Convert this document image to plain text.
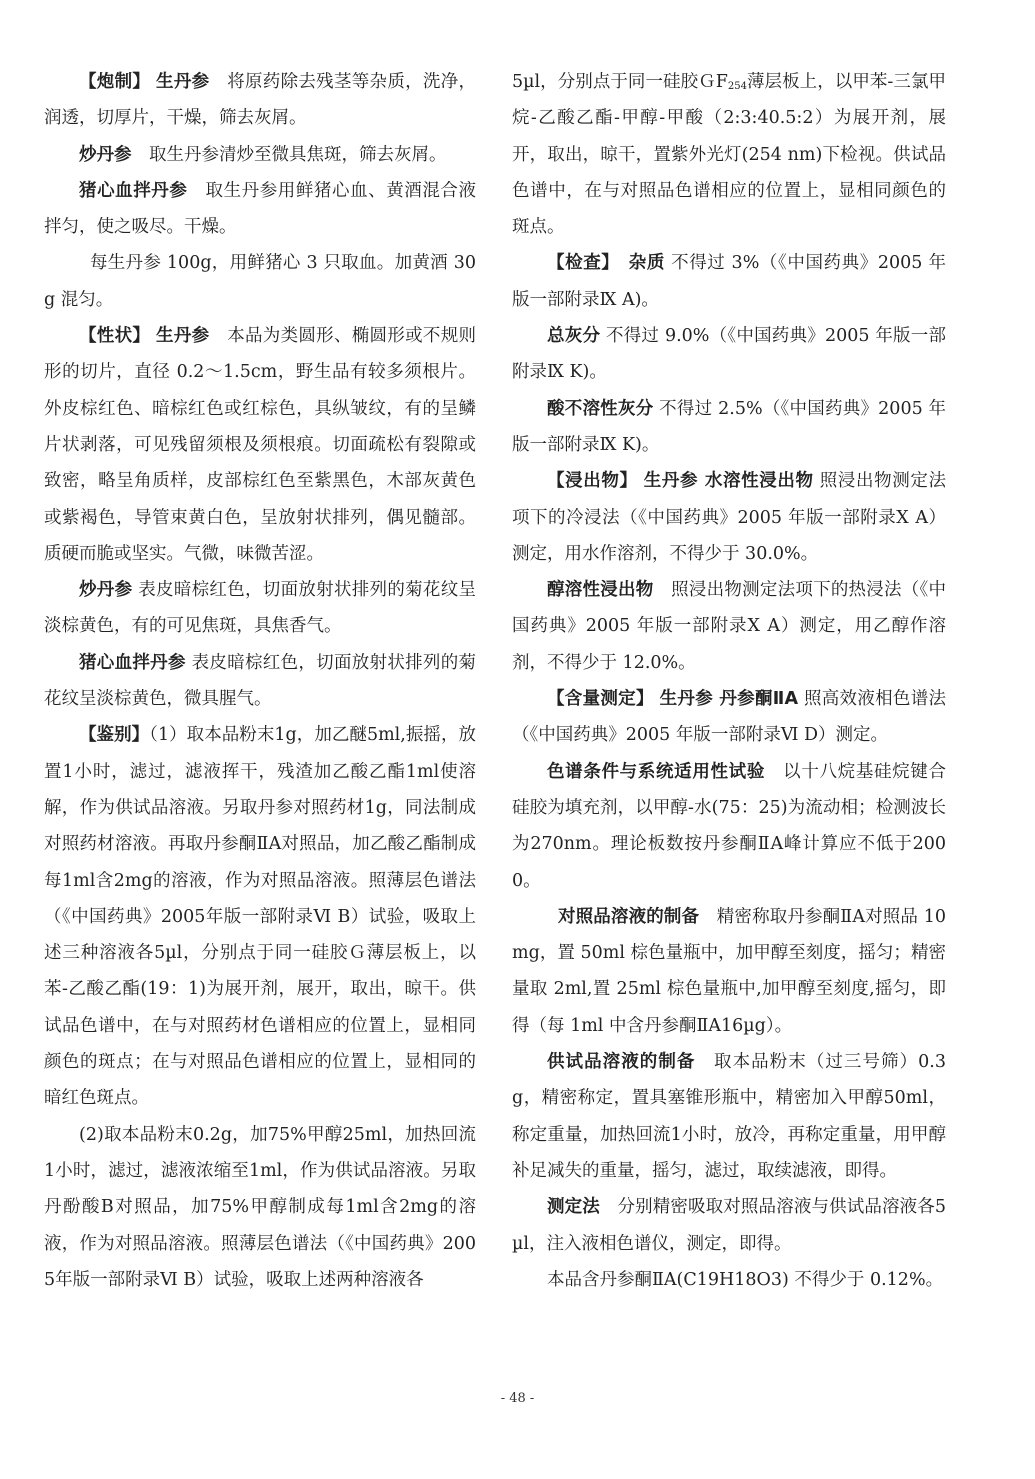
【炮制】 生丹参　将原药除去残茎等杂质，洗净，润透，切厚片，干燥，筛去灰屑。

炒丹参　取生丹参清炒至微具焦斑，筛去灰屑。

猪心血拌丹参　取生丹参用鲜猪心血、黄酒混合液拌匀，使之吸尽。干燥。

每生丹参 100g，用鲜猪心 3 只取血。加黄酒 30g 混匀。

【性状】 生丹参　本品为类圆形、椭圆形或不规则形的切片，直径 0.2～1.5cm，野生品有较多须根片。外皮棕红色、暗棕红色或红棕色，具纵皱纹，有的呈鳞片状剥落，可见残留须根及须根痕。切面疏松有裂隙或致密，略呈角质样，皮部棕红色至紫黑色，木部灰黄色或紫褐色，导管束黄白色，呈放射状排列，偶见髓部。质硬而脆或坚实。气微，味微苦涩。

炒丹参 表皮暗棕红色，切面放射状排列的菊花纹呈淡棕黄色，有的可见焦斑，具焦香气。

猪心血拌丹参 表皮暗棕红色，切面放射状排列的菊花纹呈淡棕黄色，微具腥气。

【鉴别】（1）取本品粉末1g，加乙醚5ml,振摇，放置1小时，滤过，滤液挥干，残渣加乙酸乙酯1ml使溶解，作为供试品溶液。另取丹参对照药材1g，同法制成对照药材溶液。再取丹参酮ⅡA对照品，加乙酸乙酯制成每1ml含2mg的溶液，作为对照品溶液。照薄层色谱法（《中国药典》2005年版一部附录Ⅵ B）试验，吸取上述三种溶液各5µl，分别点于同一硅胶Ｇ薄层板上，以苯-乙酸乙酯(19：1)为展开剂，展开，取出，晾干。供试品色谱中，在与对照药材色谱相应的位置上，显相同颜色的斑点；在与对照品色谱相应的位置上，显相同的暗红色斑点。

(2)取本品粉末0.2g，加75%甲醇25ml，加热回流1小时，滤过，滤液浓缩至1ml，作为供试品溶液。另取丹酚酸B对照品，加75%甲醇制成每1ml含2mg的溶液，作为对照品溶液。照薄层色谱法（《中国药典》2005年版一部附录Ⅵ B）试验，吸取上述两种溶液各

5µl，分别点于同一硅胶ＧF$_{254}$薄层板上，以甲苯-三氯甲烷-乙酸乙酯-甲醇-甲酸（2:3:40.5:2）为展开剂，展开，取出，晾干，置紫外光灯(254 nm)下检视。供试品色谱中，在与对照品色谱相应的位置上，显相同颜色的斑点。

【检查】　 杂质 不得过 3%（《中国药典》2005 年版一部附录Ⅸ A)。

总灰分 不得过 9.0%（《中国药典》2005 年版一部附录Ⅸ K)。

酸不溶性灰分 不得过 2.5%（《中国药典》2005 年版一部附录Ⅸ K)。

【浸出物】 生丹参 水溶性浸出物 照浸出物测定法项下的冷浸法（《中国药典》2005 年版一部附录Ⅹ A）测定，用水作溶剂，不得少于 30.0%。

醇溶性浸出物　照浸出物测定法项下的热浸法（《中国药典》2005 年版一部附录Ⅹ A）测定，用乙醇作溶剂，不得少于 12.0%。

【含量测定】 生丹参 丹参酮ⅡA 照高效液相色谱法（《中国药典》2005 年版一部附录Ⅵ D）测定。

色谱条件与系统适用性试验　以十八烷基硅烷键合硅胶为填充剂，以甲醇-水(75：25)为流动相；检测波长为270nm。理论板数按丹参酮ⅡA峰计算应不低于2000。

对照品溶液的制备　精密称取丹参酮ⅡA对照品 10mg，置 50ml 棕色量瓶中，加甲醇至刻度，摇匀；精密量取 2ml,置 25ml 棕色量瓶中,加甲醇至刻度,摇匀，即得（每 1ml 中含丹参酮ⅡA16µg）。

供试品溶液的制备　取本品粉末（过三号筛）0.3g，精密称定，置具塞锥形瓶中，精密加入甲醇50ml，称定重量，加热回流1小时，放冷，再称定重量，用甲醇补足减失的重量，摇匀，滤过，取续滤液，即得。

测定法　分别精密吸取对照品溶液与供试品溶液各5µl，注入液相色谱仪，测定，即得。

本品含丹参酮ⅡA(C19H18O3) 不得少于 0.12%。

- 48 -
